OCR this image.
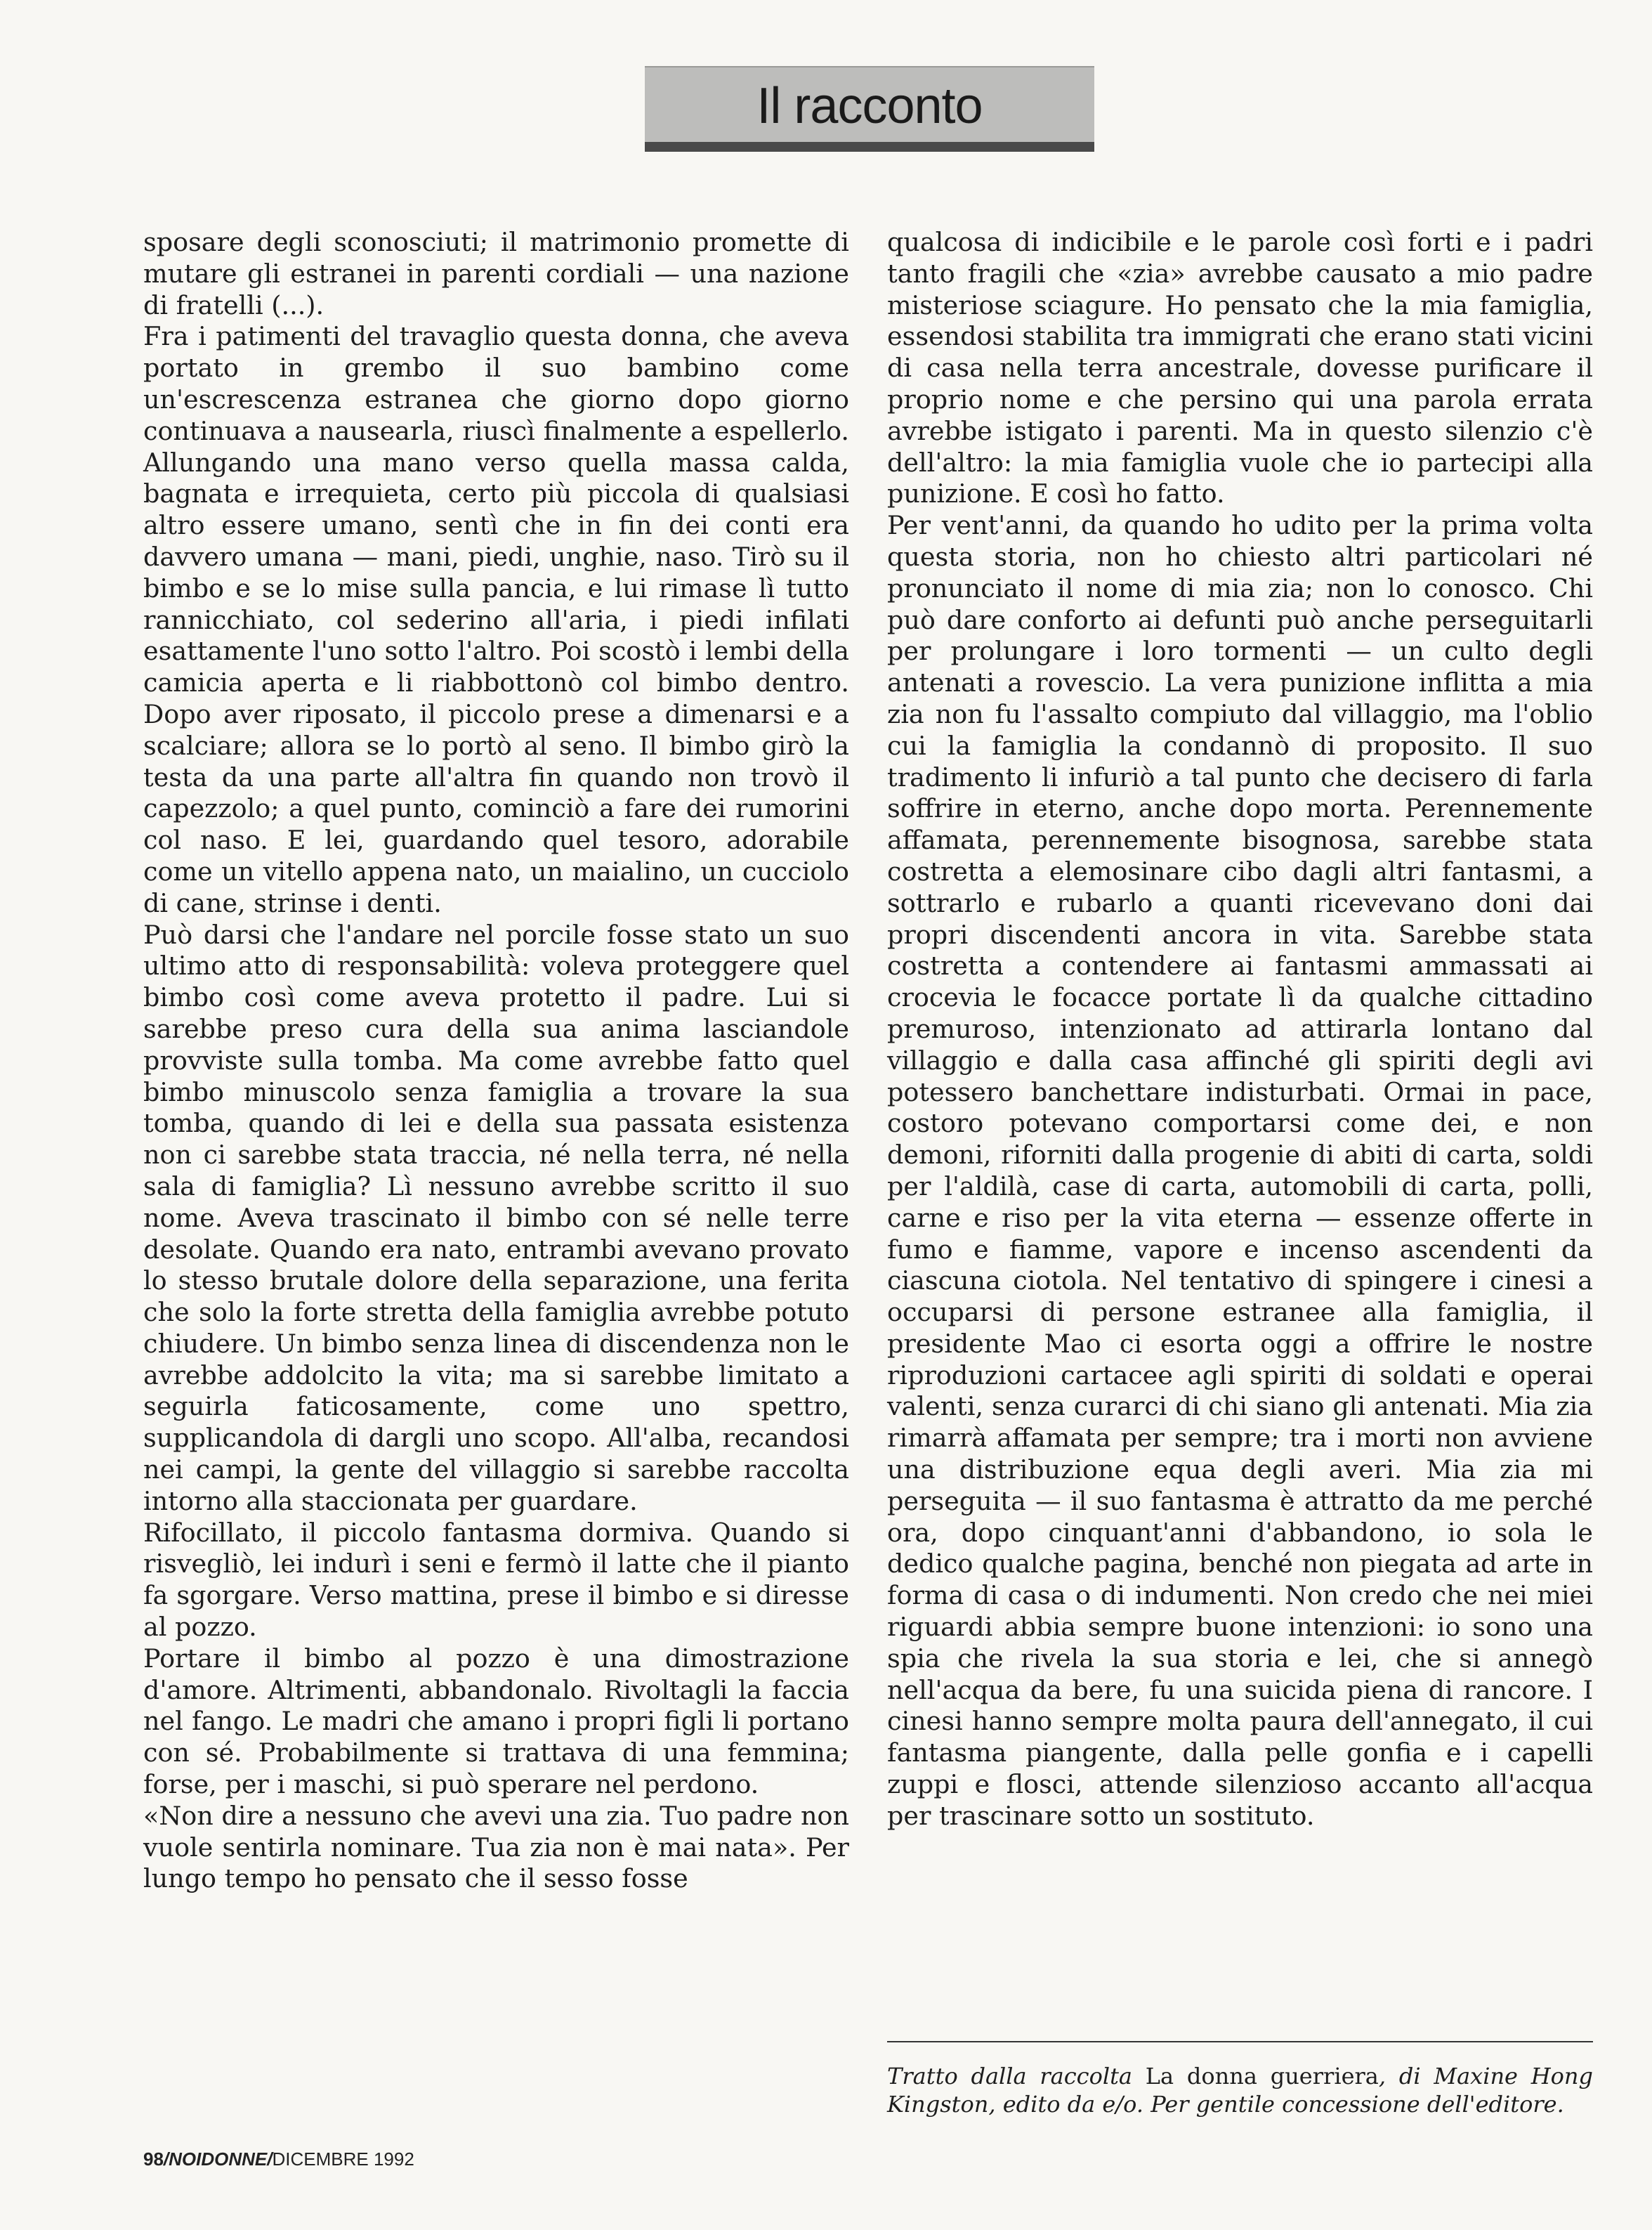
Il racconto

sposare degli sconosciuti; il matrimonio promette di mutare gli estranei in parenti cordiali — una nazione di fratelli (...).

Fra i patimenti del travaglio questa donna, che aveva portato in grembo il suo bambino come un'escrescenza estranea che giorno dopo giorno continuava a nausearla, riuscì finalmente a espellerlo. Allungando una mano verso quella massa calda, bagnata e irrequieta, certo più piccola di qualsiasi altro essere umano, sentì che in fin dei conti era davvero umana — mani, piedi, unghie, naso. Tirò su il bimbo e se lo mise sulla pancia, e lui rimase lì tutto rannicchiato, col sederino all'aria, i piedi infilati esattamente l'uno sotto l'altro. Poi scostò i lembi della camicia aperta e li riabbottonò col bimbo dentro. Dopo aver riposato, il piccolo prese a dimenarsi e a scalciare; allora se lo portò al seno. Il bimbo girò la testa da una parte all'altra fin quando non trovò il capezzolo; a quel punto, cominciò a fare dei rumorini col naso. E lei, guardando quel tesoro, adorabile come un vitello appena nato, un maialino, un cucciolo di cane, strinse i denti.

Può darsi che l'andare nel porcile fosse stato un suo ultimo atto di responsabilità: voleva proteggere quel bimbo così come aveva protetto il padre. Lui si sarebbe preso cura della sua anima lasciandole provviste sulla tomba. Ma come avrebbe fatto quel bimbo minuscolo senza famiglia a trovare la sua tomba, quando di lei e della sua passata esistenza non ci sarebbe stata traccia, né nella terra, né nella sala di famiglia? Lì nessuno avrebbe scritto il suo nome. Aveva trascinato il bimbo con sé nelle terre desolate. Quando era nato, entrambi avevano provato lo stesso brutale dolore della separazione, una ferita che solo la forte stretta della famiglia avrebbe potuto chiudere. Un bimbo senza linea di discendenza non le avrebbe addolcito la vita; ma si sarebbe limitato a seguirla faticosamente, come uno spettro, supplicandola di dargli uno scopo. All'alba, recandosi nei campi, la gente del villaggio si sarebbe raccolta intorno alla staccionata per guardare.

Rifocillato, il piccolo fantasma dormiva. Quando si risvegliò, lei indurì i seni e fermò il latte che il pianto fa sgorgare. Verso mattina, prese il bimbo e si diresse al pozzo.

Portare il bimbo al pozzo è una dimostrazione d'amore. Altrimenti, abbandonalo. Rivoltagli la faccia nel fango. Le madri che amano i propri figli li portano con sé. Probabilmente si trattava di una femmina; forse, per i maschi, si può sperare nel perdono.

«Non dire a nessuno che avevi una zia. Tuo padre non vuole sentirla nominare. Tua zia non è mai nata». Per lungo tempo ho pensato che il sesso fosse

qualcosa di indicibile e le parole così forti e i padri tanto fragili che «zia» avrebbe causato a mio padre misteriose sciagure. Ho pensato che la mia famiglia, essendosi stabilita tra immigrati che erano stati vicini di casa nella terra ancestrale, dovesse purificare il proprio nome e che persino qui una parola errata avrebbe istigato i parenti. Ma in questo silenzio c'è dell'altro: la mia famiglia vuole che io partecipi alla punizione. E così ho fatto.

Per vent'anni, da quando ho udito per la prima volta questa storia, non ho chiesto altri particolari né pronunciato il nome di mia zia; non lo conosco. Chi può dare conforto ai defunti può anche perseguitarli per prolungare i loro tormenti — un culto degli antenati a rovescio. La vera punizione inflitta a mia zia non fu l'assalto compiuto dal villaggio, ma l'oblio cui la famiglia la condannò di proposito. Il suo tradimento li infuriò a tal punto che decisero di farla soffrire in eterno, anche dopo morta. Perennemente affamata, perennemente bisognosa, sarebbe stata costretta a elemosinare cibo dagli altri fantasmi, a sottrarlo e rubarlo a quanti ricevevano doni dai propri discendenti ancora in vita. Sarebbe stata costretta a contendere ai fantasmi ammassati ai crocevia le focacce portate lì da qualche cittadino premuroso, intenzionato ad attirarla lontano dal villaggio e dalla casa affinché gli spiriti degli avi potessero banchettare indisturbati. Ormai in pace, costoro potevano comportarsi come dei, e non demoni, riforniti dalla progenie di abiti di carta, soldi per l'aldilà, case di carta, automobili di carta, polli, carne e riso per la vita eterna — essenze offerte in fumo e fiamme, vapore e incenso ascendenti da ciascuna ciotola. Nel tentativo di spingere i cinesi a occuparsi di persone estranee alla famiglia, il presidente Mao ci esorta oggi a offrire le nostre riproduzioni cartacee agli spiriti di soldati e operai valenti, senza curarci di chi siano gli antenati. Mia zia rimarrà affamata per sempre; tra i morti non avviene una distribuzione equa degli averi. Mia zia mi perseguita — il suo fantasma è attratto da me perché ora, dopo cinquant'anni d'abbandono, io sola le dedico qualche pagina, benché non piegata ad arte in forma di casa o di indumenti. Non credo che nei miei riguardi abbia sempre buone intenzioni: io sono una spia che rivela la sua storia e lei, che si annegò nell'acqua da bere, fu una suicida piena di rancore. I cinesi hanno sempre molta paura dell'annegato, il cui fantasma piangente, dalla pelle gonfia e i capelli zuppi e flosci, attende silenzioso accanto all'acqua per trascinare sotto un sostituto.

Tratto dalla raccolta La donna guerriera, di Maxine Hong Kingston, edito da e/o. Per gentile concessione dell'editore.
98/NOIDONNE/DICEMBRE 1992
